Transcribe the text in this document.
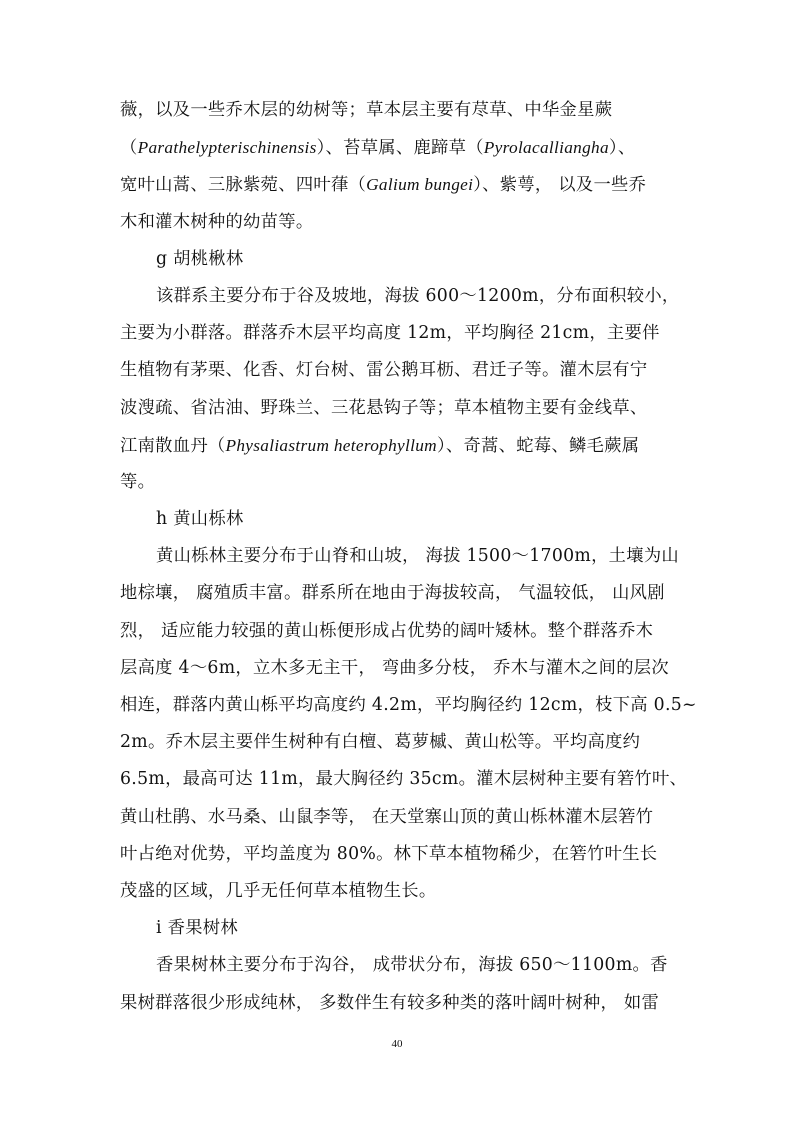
薇，以及一些乔木层的幼树等；草本层主要有荩草、中华金星蕨
（Parathelypterischinensis）、苔草属、鹿蹄草（Pyrolacalliangha）、
宽叶山蒿、三脉紫菀、四叶葎（Galium bungei）、紫萼， 以及一些乔
木和灌木树种的幼苗等。
g 胡桃楸林
该群系主要分布于谷及坡地，海拔 600～1200m，分布面积较小，
主要为小群落。群落乔木层平均高度 12m，平均胸径 21cm，主要伴
生植物有茅栗、化香、灯台树、雷公鹅耳枥、君迁子等。灌木层有宁
波溲疏、省沽油、野珠兰、三花悬钩子等；草本植物主要有金线草、
江南散血丹（Physaliastrum heterophyllum）、奇蒿、蛇莓、鳞毛蕨属
等。
h 黄山栎林
黄山栎林主要分布于山脊和山坡， 海拔 1500～1700m，土壤为山
地棕壤， 腐殖质丰富。群系所在地由于海拔较高， 气温较低， 山风剧
烈， 适应能力较强的黄山栎便形成占优势的阔叶矮林。整个群落乔木
层高度 4～6m，立木多无主干， 弯曲多分枝， 乔木与灌木之间的层次
相连，群落内黄山栎平均高度约 4.2m，平均胸径约 12cm，枝下高 0.5~
2m。乔木层主要伴生树种有白檀、葛萝槭、黄山松等。平均高度约
6.5m，最高可达 11m，最大胸径约 35cm。灌木层树种主要有箬竹叶、
黄山杜鹃、水马桑、山鼠李等， 在天堂寨山顶的黄山栎林灌木层箬竹
叶占绝对优势，平均盖度为 80%。林下草本植物稀少，在箬竹叶生长
茂盛的区域，几乎无任何草本植物生长。
i 香果树林
香果树林主要分布于沟谷， 成带状分布，海拔 650～1100m。香
果树群落很少形成纯林， 多数伴生有较多种类的落叶阔叶树种， 如雷
40
